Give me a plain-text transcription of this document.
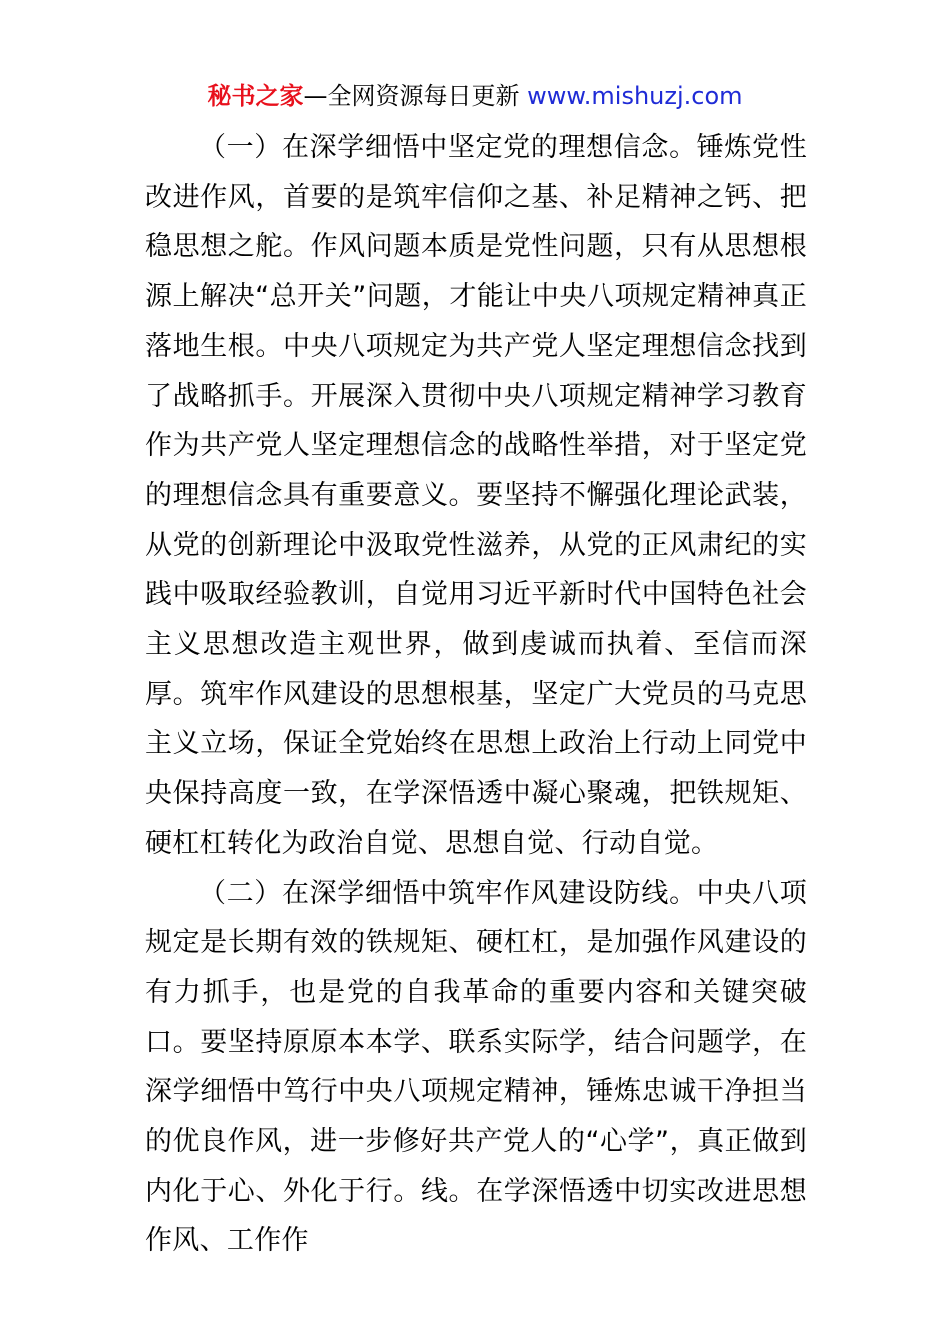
秘书之家—全网资源每日更新 www.mishuzj.com

（一）在深学细悟中坚定党的理想信念。锤炼党性改进作风，首要的是筑牢信仰之基、补足精神之钙、把稳思想之舵。作风问题本质是党性问题，只有从思想根源上解决“总开关”问题，才能让中央八项规定精神真正落地生根。中央八项规定为共产党人坚定理想信念找到了战略抓手。开展深入贯彻中央八项规定精神学习教育作为共产党人坚定理想信念的战略性举措，对于坚定党的理想信念具有重要意义。要坚持不懈强化理论武装，从党的创新理论中汲取党性滋养，从党的正风肃纪的实践中吸取经验教训，自觉用习近平新时代中国特色社会主义思想改造主观世界，做到虔诚而执着、至信而深厚。筑牢作风建设的思想根基，坚定广大党员的马克思主义立场，保证全党始终在思想上政治上行动上同党中央保持高度一致，在学深悟透中凝心聚魂，把铁规矩、硬杠杠转化为政治自觉、思想自觉、行动自觉。

（二）在深学细悟中筑牢作风建设防线。中央八项规定是长期有效的铁规矩、硬杠杠，是加强作风建设的有力抓手，也是党的自我革命的重要内容和关键突破口。要坚持原原本本学、联系实际学，结合问题学，在深学细悟中笃行中央八项规定精神，锤炼忠诚干净担当的优良作风，进一步修好共产党人的“心学”，真正做到内化于心、外化于行。线。在学深悟透中切实改进思想作风、工作作
